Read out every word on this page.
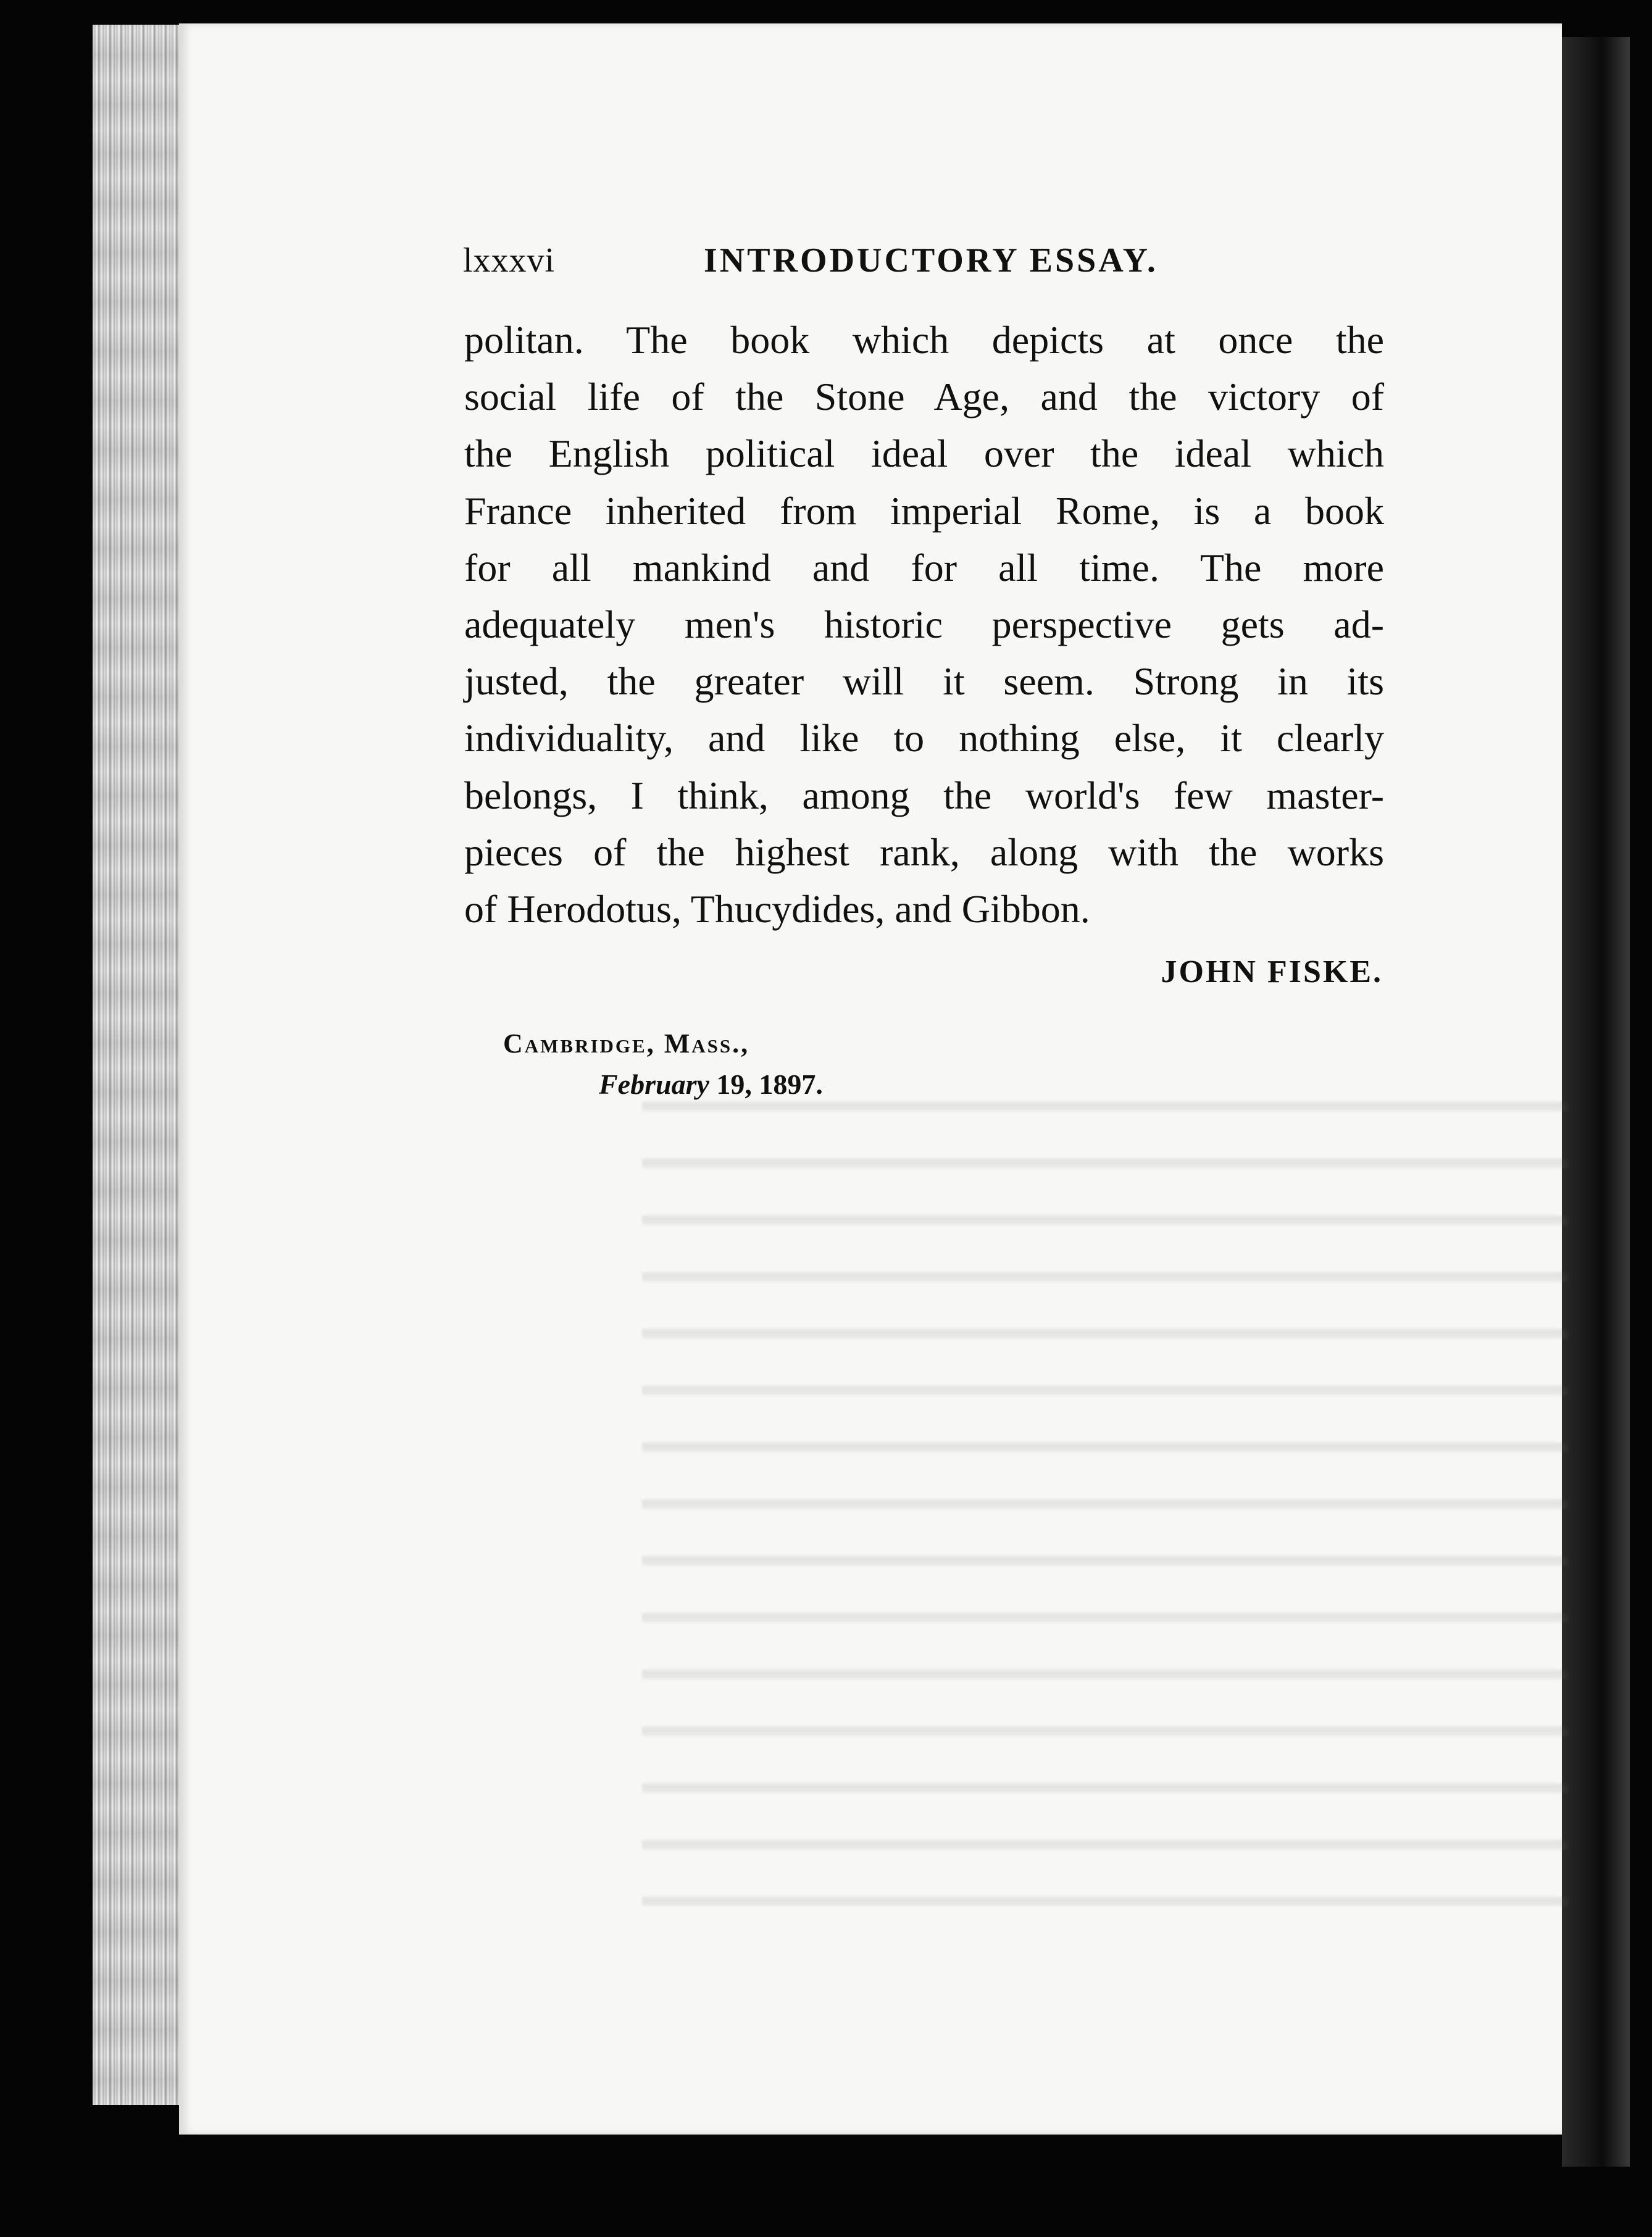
lxxxvi	INTRODUCTORY ESSAY.
politan. The book which depicts at once the
social life of the Stone Age, and the victory of
the English political ideal over the ideal which
France inherited from imperial Rome, is a book
for all mankind and for all time. The more
adequately men's historic perspective gets ad-
justed, the greater will it seem. Strong in its
individuality, and like to nothing else, it clearly
belongs, I think, among the world's few master-
pieces of the highest rank, along with the works
of Herodotus, Thucydides, and Gibbon.
JOHN FISKE.
Cambridge, Mass.,
February 19, 1897.
